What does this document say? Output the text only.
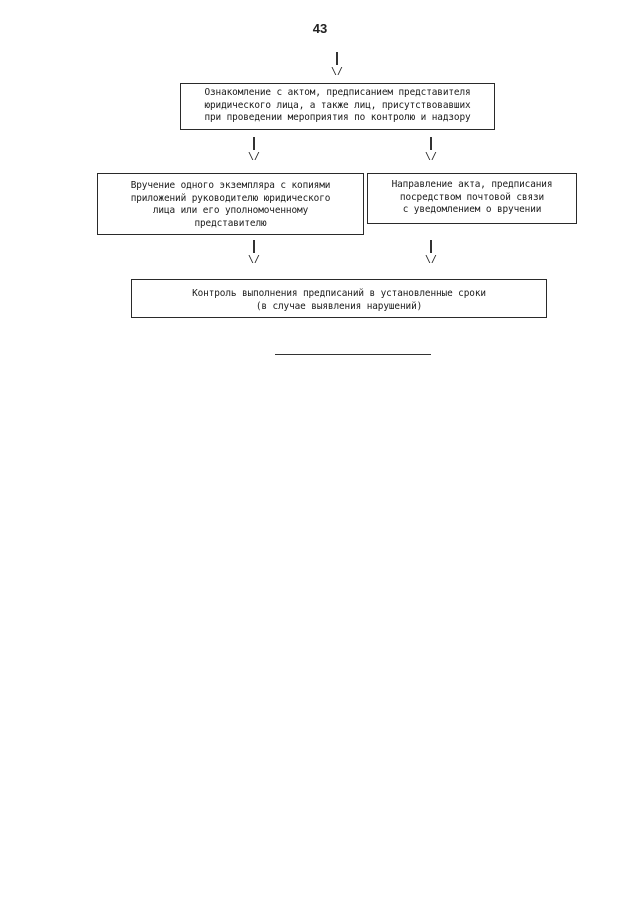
43
\/
Ознакомление с актом, предписанием представителя
юридического лица, а также лиц, присутствовавших
при проведении мероприятия по контролю и надзору
\/	\/
Вручение одного экземпляра с копиями
приложений руководителю юридического
лица или его уполномоченному
представителю
Направление акта, предписания
посредством почтовой связи
с уведомлением о вручении
\/	\/
Контроль выполнения предписаний в установленные сроки
(в случае выявления нарушений)
